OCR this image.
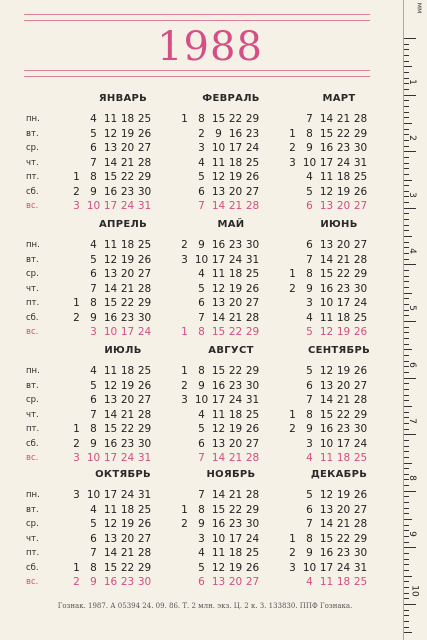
1988
пн.
вт.
ср.
чт.
пт.
сб.
вс.
ЯНВАРЬ
4 11 18 25
5 12 19 26
6 13 20 27
7 14 21 28
1 8 15 22 29
2 9 16 23 30
3 10 17 24 31
ФЕВРАЛЬ
1 8 15 22 29
2 9 16 23
3 10 17 24
4 11 18 25
5 12 19 26
6 13 20 27
7 14 21 28
МАРТ
7 14 21 28
1 8 15 22 29
2 9 16 23 30
3 10 17 24 31
4 11 18 25
5 12 19 26
6 13 20 27
пн.
вт.
ср.
чт.
пт.
сб.
вс.
АПРЕЛЬ
4 11 18 25
5 12 19 26
6 13 20 27
7 14 21 28
1 8 15 22 29
2 9 16 23 30
3 10 17 24
МАЙ
2 9 16 23 30
3 10 17 24 31
4 11 18 25
5 12 19 26
6 13 20 27
7 14 21 28
1 8 15 22 29
ИЮНЬ
6 13 20 27
7 14 21 28
1 8 15 22 29
2 9 16 23 30
3 10 17 24
4 11 18 25
5 12 19 26
пн.
вт.
ср.
чт.
пт.
сб.
вс.
ИЮЛЬ
4 11 18 25
5 12 19 26
6 13 20 27
7 14 21 28
1 8 15 22 29
2 9 16 23 30
3 10 17 24 31
АВГУСТ
1 8 15 22 29
2 9 16 23 30
3 10 17 24 31
4 11 18 25
5 12 19 26
6 13 20 27
7 14 21 28
СЕНТЯБРЬ
5 12 19 26
6 13 20 27
7 14 21 28
1 8 15 22 29
2 9 16 23 30
3 10 17 24
4 11 18 25
пн.
вт.
ср.
чт.
пт.
сб.
вс.
ОКТЯБРЬ
3 10 17 24 31
4 11 18 25
5 12 19 26
6 13 20 27
7 14 21 28
1 8 15 22 29
2 9 16 23 30
НОЯБРЬ
7 14 21 28
1 8 15 22 29
2 9 16 23 30
3 10 17 24
4 11 18 25
5 12 19 26
6 13 20 27
ДЕКАБРЬ
5 12 19 26
6 13 20 27
7 14 21 28
1 8 15 22 29
2 9 16 23 30
3 10 17 24 31
4 11 18 25
Гознак. 1987. А 05394 24. 09. 86. Т. 2 млн. экз. Ц. 2 к. З. 133830. ППФ Гознака.
мм
1
2
3
4
5
6
7
8
9
10
